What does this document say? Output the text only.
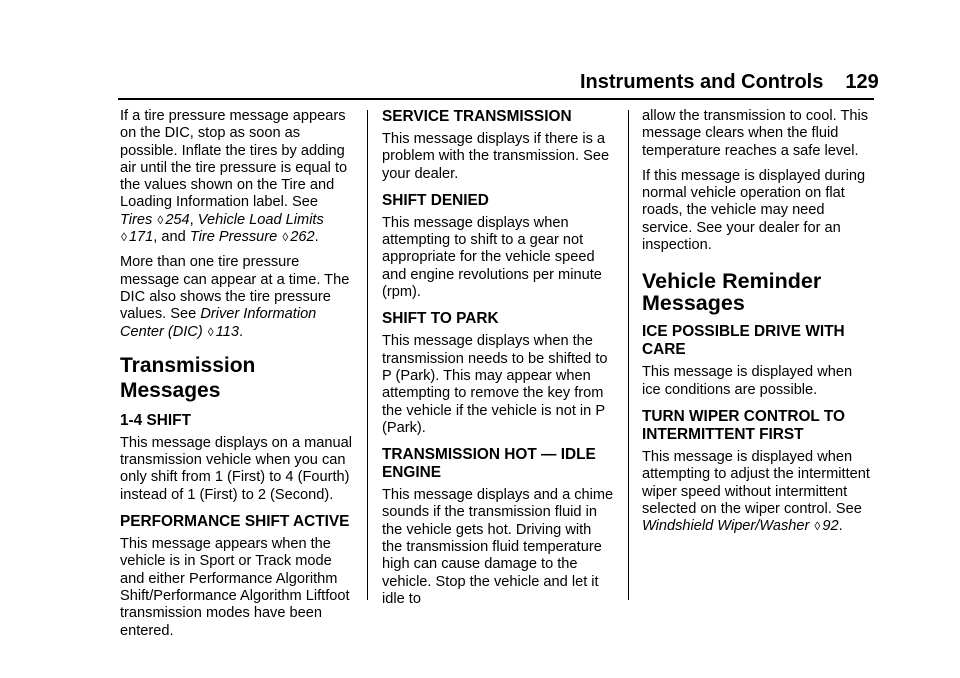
Instruments and Controls 129

If a tire pressure message appears on the DIC, stop as soon as possible. Inflate the tires by adding air until the tire pressure is equal to the values shown on the Tire and Loading Information label. See Tires ◊ 254, Vehicle Load Limits ◊ 171, and Tire Pressure ◊ 262.

More than one tire pressure message can appear at a time. The DIC also shows the tire pressure values. See Driver Information Center (DIC) ◊ 113.

Transmission Messages
1-4 SHIFT

This message displays on a manual transmission vehicle when you can only shift from 1 (First) to 4 (Fourth) instead of 1 (First) to 2 (Second).

PERFORMANCE SHIFT ACTIVE

This message appears when the vehicle is in Sport or Track mode and either Performance Algorithm Shift/Performance Algorithm Liftfoot transmission modes have been entered.

SERVICE TRANSMISSION

This message displays if there is a problem with the transmission. See your dealer.

SHIFT DENIED

This message displays when attempting to shift to a gear not appropriate for the vehicle speed and engine revolutions per minute (rpm).

SHIFT TO PARK

This message displays when the transmission needs to be shifted to P (Park). This may appear when attempting to remove the key from the vehicle if the vehicle is not in P (Park).

TRANSMISSION HOT — IDLE ENGINE

This message displays and a chime sounds if the transmission fluid in the vehicle gets hot. Driving with the transmission fluid temperature high can cause damage to the vehicle. Stop the vehicle and let it idle to

allow the transmission to cool. This message clears when the fluid temperature reaches a safe level.

If this message is displayed during normal vehicle operation on flat roads, the vehicle may need service. See your dealer for an inspection.

Vehicle Reminder Messages
ICE POSSIBLE DRIVE WITH CARE

This message is displayed when ice conditions are possible.

TURN WIPER CONTROL TO INTERMITTENT FIRST

This message is displayed when attempting to adjust the intermittent wiper speed without intermittent selected on the wiper control. See Windshield Wiper/Washer ◊ 92.
